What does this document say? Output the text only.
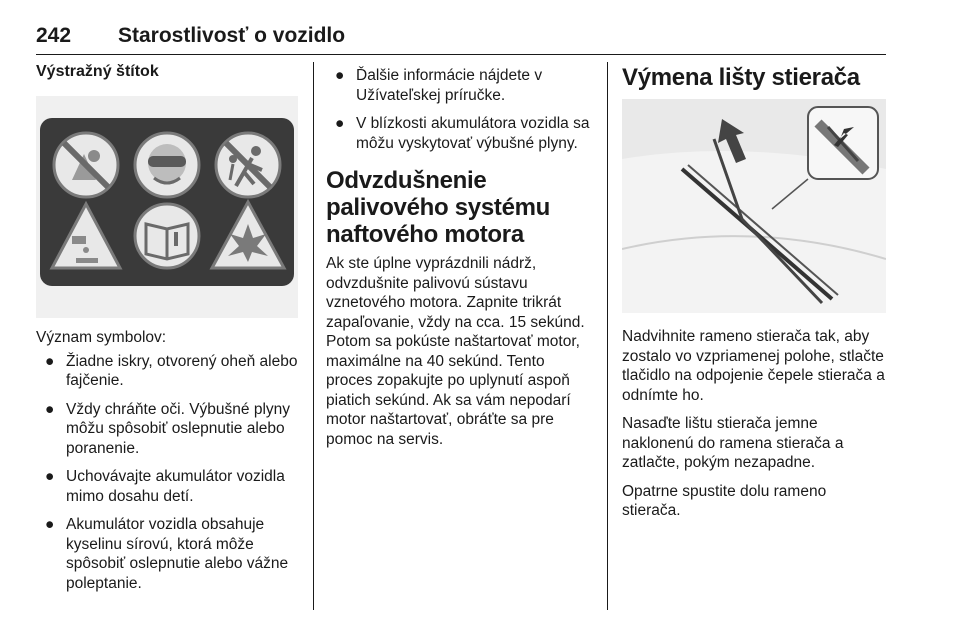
242 Starostlivosť o vozidlo
Výstražný štítok

Význam symbolov:

● Žiadne iskry, otvorený oheň alebo fajčenie.
● Vždy chráňte oči. Výbušné plyny môžu spôsobiť oslepnutie alebo poranenie.
● Uchovávajte akumulátor vozidla mimo dosahu detí.
● Akumulátor vozidla obsahuje kyselinu sírovú, ktorá môže spôsobiť oslepnutie alebo vážne poleptanie.
● Ďalšie informácie nájdete v Užívateľskej príručke.
● V blízkosti akumulátora vozidla sa môžu vyskytovať výbušné plyny.
Odvzdušnenie palivového systému naftového motora

Ak ste úplne vyprázdnili nádrž, odvzdušnite palivovú sústavu vznetového motora. Zapnite trikrát zapaľovanie, vždy na cca. 15 sekúnd. Potom sa pokúste naštartovať motor, maximálne na 40 sekúnd. Tento proces zopakujte po uplynutí aspoň piatich sekúnd. Ak sa vám nepodarí motor naštartovať, obráťte sa pre pomoc na servis.

Výmena lišty stierača

Nadvihnite rameno stierača tak, aby zostalo vo vzpriamenej polohe, stlačte tlačidlo na odpojenie čepele stierača a odnímte ho.

Nasaďte lištu stierača jemne naklonenú do ramena stierača a zatlačte, pokým nezapadne.

Opatrne spustite dolu rameno stierača.
